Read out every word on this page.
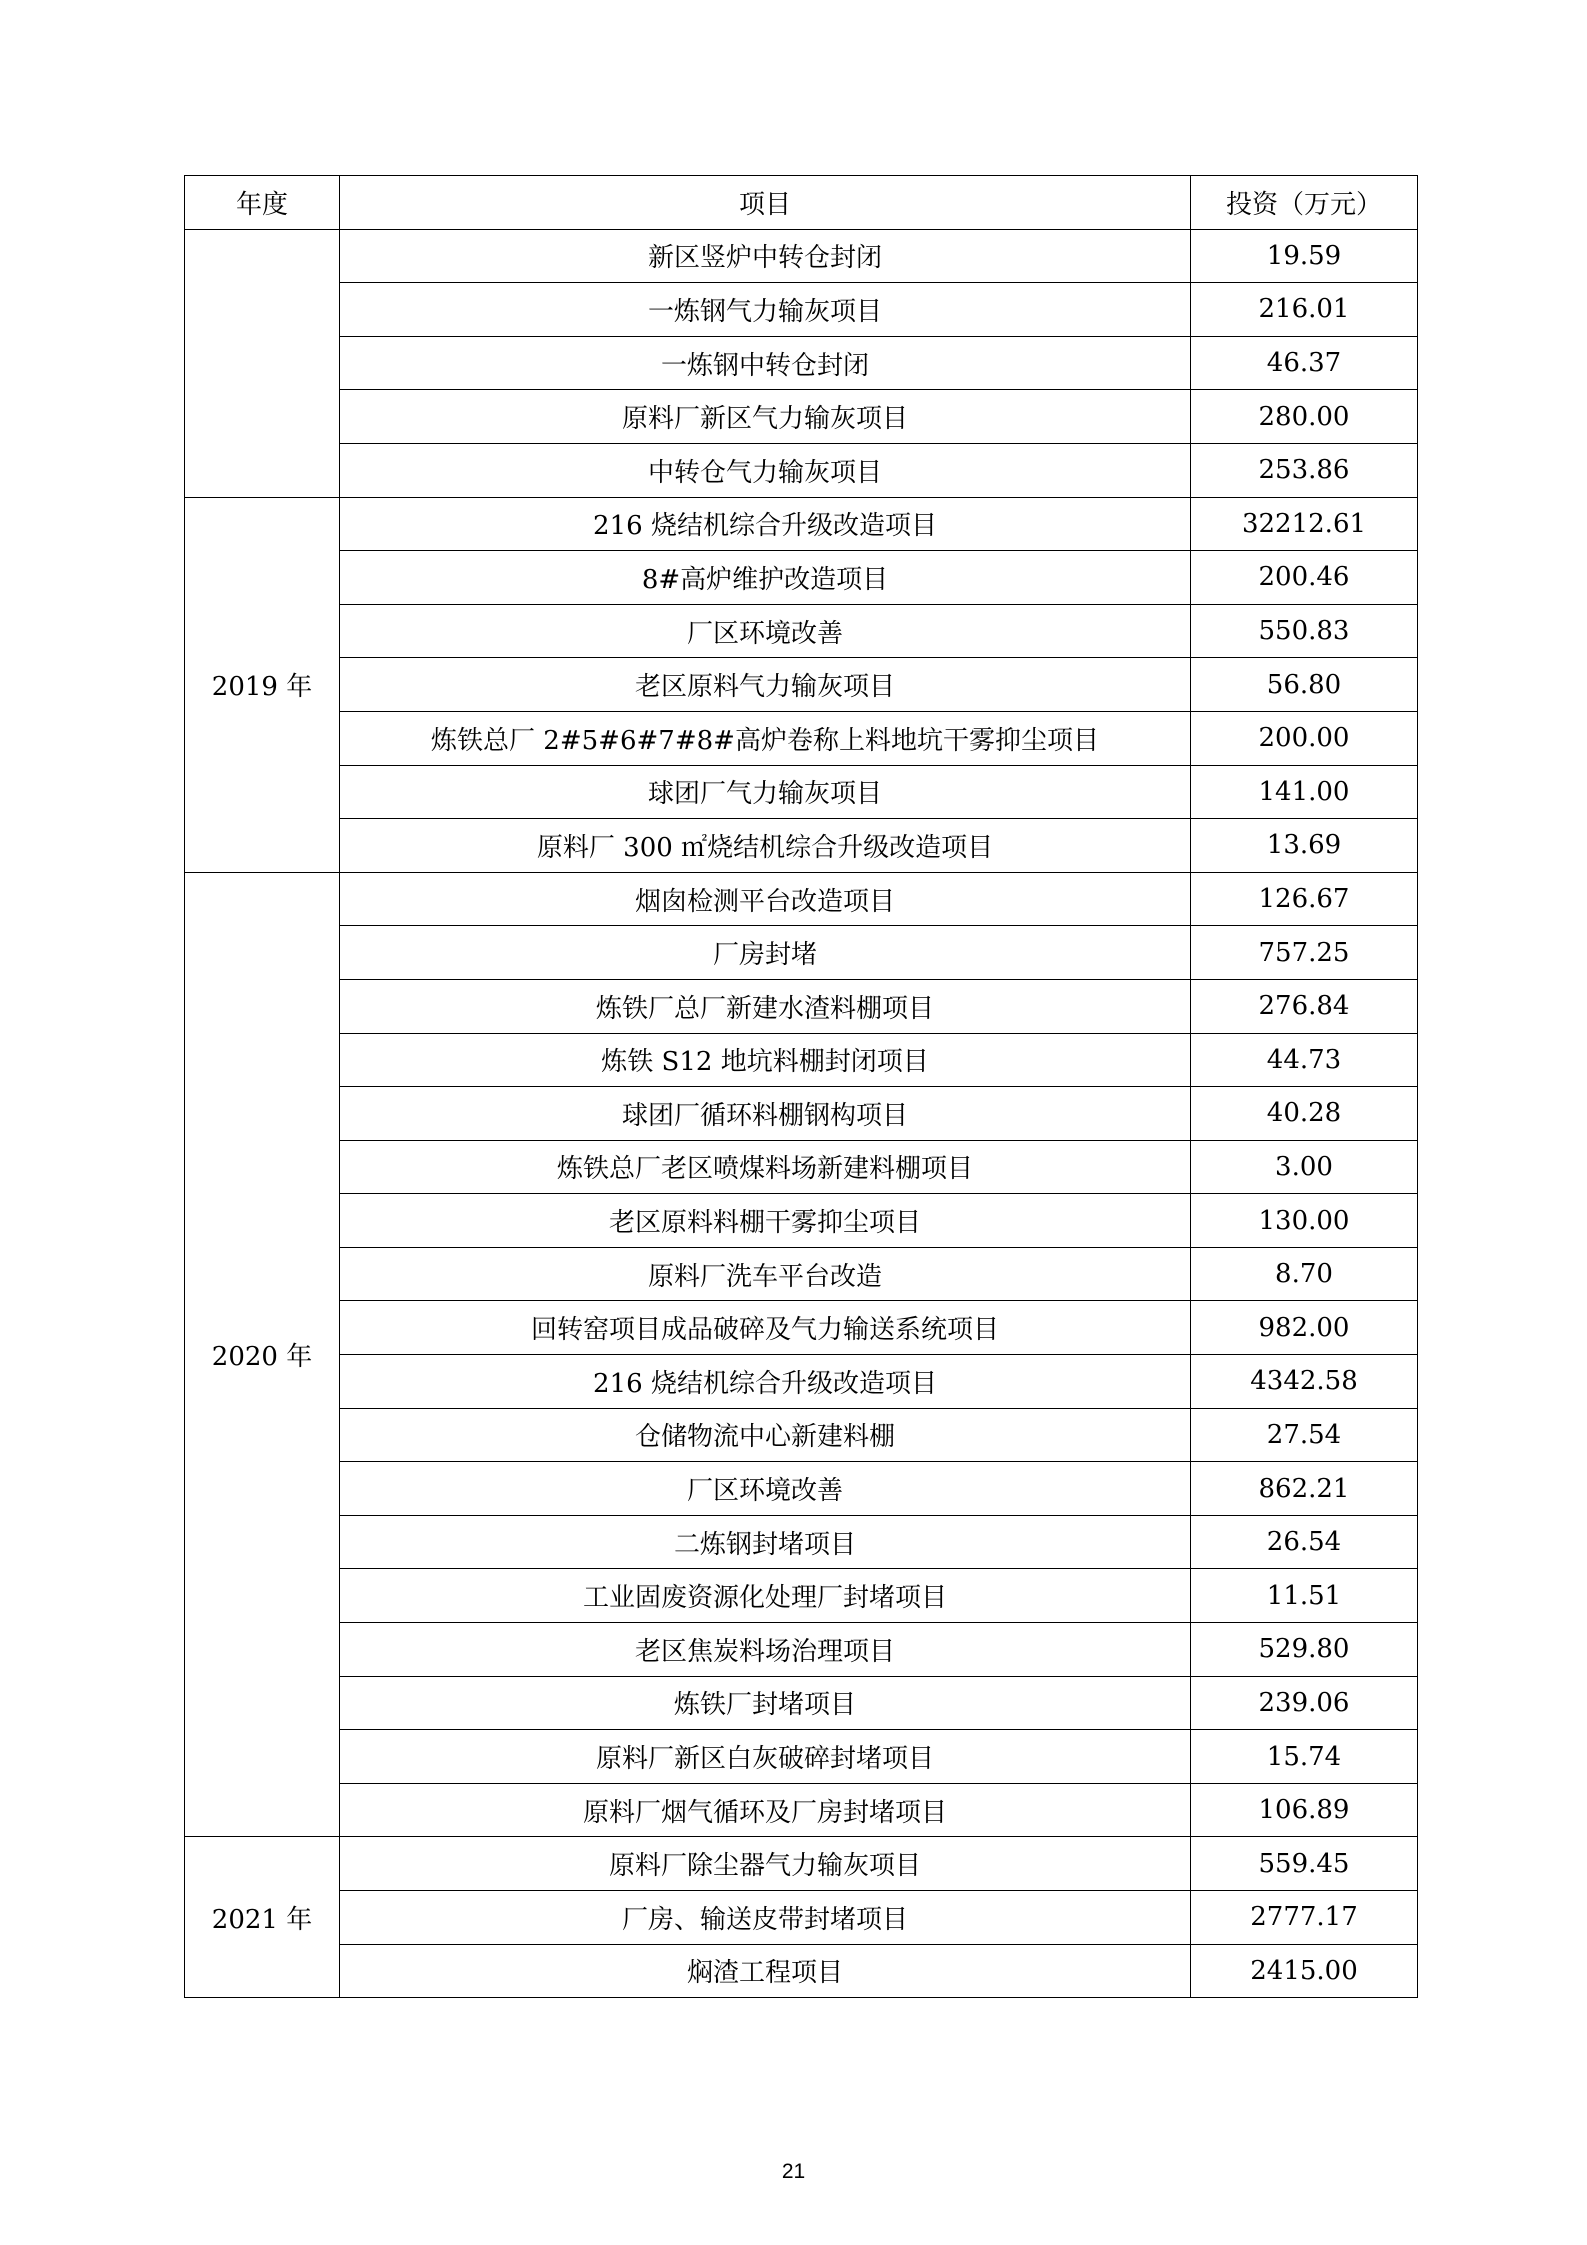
年度	项目	投资（万元）
	新区竖炉中转仓封闭	19.59
	一炼钢气力输灰项目	216.01
	一炼钢中转仓封闭	46.37
	原料厂新区气力输灰项目	280.00
	中转仓气力输灰项目	253.86
2019 年	216 烧结机综合升级改造项目	32212.61
	8#高炉维护改造项目	200.46
	厂区环境改善	550.83
	老区原料气力输灰项目	56.80
	炼铁总厂 2#5#6#7#8#高炉卷称上料地坑干雾抑尘项目	200.00
	球团厂气力输灰项目	141.00
	原料厂 300 ㎡烧结机综合升级改造项目	13.69
2020 年	烟囱检测平台改造项目	126.67
	厂房封堵	757.25
	炼铁厂总厂新建水渣料棚项目	276.84
	炼铁 S12 地坑料棚封闭项目	44.73
	球团厂循环料棚钢构项目	40.28
	炼铁总厂老区喷煤料场新建料棚项目	3.00
	老区原料料棚干雾抑尘项目	130.00
	原料厂洗车平台改造	8.70
	回转窑项目成品破碎及气力输送系统项目	982.00
	216 烧结机综合升级改造项目	4342.58
	仓储物流中心新建料棚	27.54
	厂区环境改善	862.21
	二炼钢封堵项目	26.54
	工业固废资源化处理厂封堵项目	11.51
	老区焦炭料场治理项目	529.80
	炼铁厂封堵项目	239.06
	原料厂新区白灰破碎封堵项目	15.74
	原料厂烟气循环及厂房封堵项目	106.89
2021 年	原料厂除尘器气力输灰项目	559.45
	厂房、输送皮带封堵项目	2777.17
	焖渣工程项目	2415.00
21
